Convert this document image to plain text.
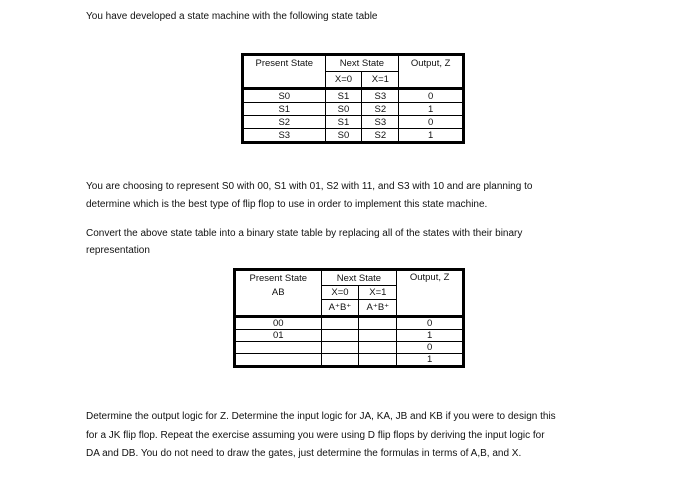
You have developed a state machine with the following state table

Present State	Next State		Output, Z
	X=0	X=1	

S0	S1	S3	0
S1	S0	S2	1
S2	S1	S3	0
S3	S0	S2	1

You are choosing to represent S0 with 00, S1 with 01, S2 with 11, and S3 with 10 and are planning to

determine which is the best type of flip flop to use in order to implement this state machine.

Convert the above state table into a binary state table by replacing all of the states with their binary

representation

Present State
AB	Next State		Output, Z
	X=0	X=1	
	A⁺B⁺	A⁺B⁺	

00			0
01			1
			0
			1

Determine the output logic for Z. Determine the input logic for JA, KA, JB and KB if you were to design this

for a JK flip flop. Repeat the exercise assuming you were using D flip flops by deriving the input logic for

DA and DB. You do not need to draw the gates, just determine the formulas in terms of A,B, and X.
